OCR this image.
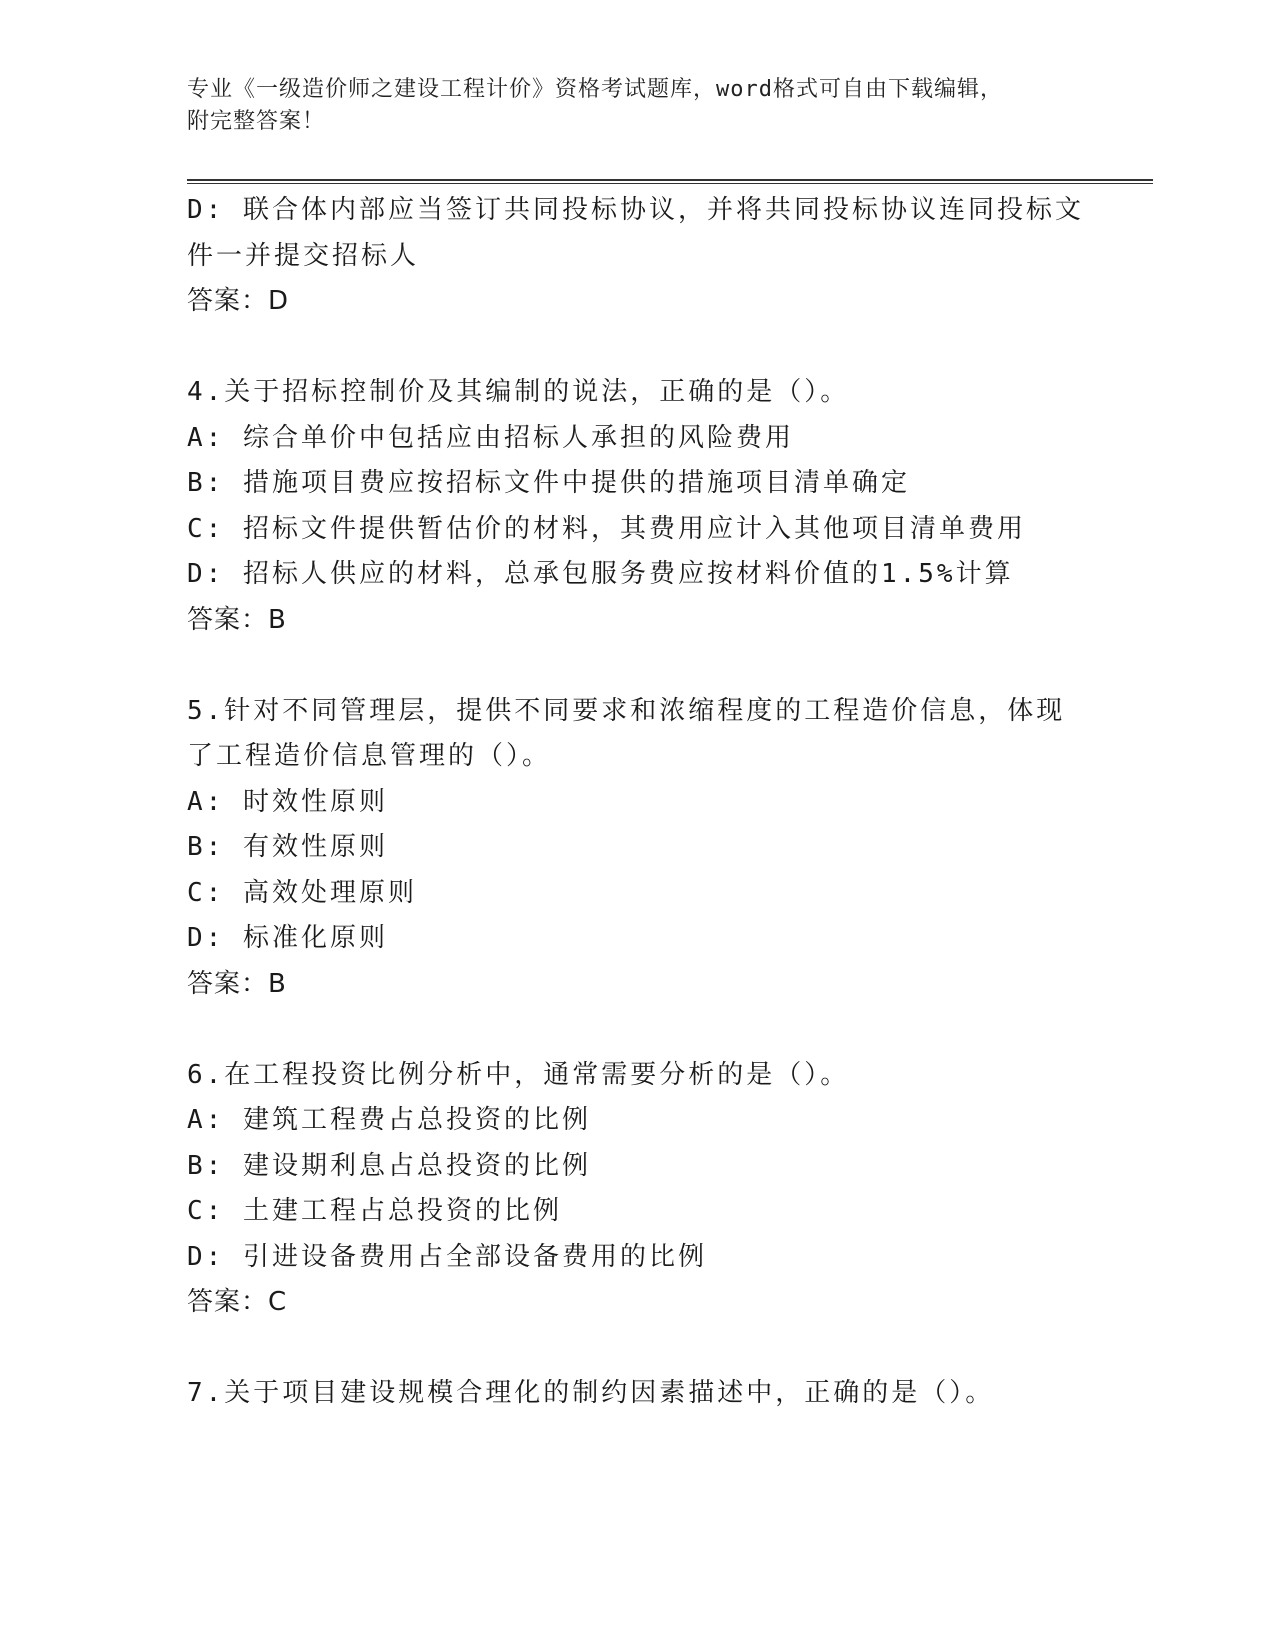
专业《一级造价师之建设工程计价》资格考试题库，word格式可自由下载编辑，
附完整答案！
D: 联合体内部应当签订共同投标协议，并将共同投标协议连同投标文
件一并提交招标人
答案：D
4.关于招标控制价及其编制的说法，正确的是（）。
A: 综合单价中包括应由招标人承担的风险费用
B: 措施项目费应按招标文件中提供的措施项目清单确定
C: 招标文件提供暂估价的材料，其费用应计入其他项目清单费用
D: 招标人供应的材料，总承包服务费应按材料价值的1.5%计算
答案：B
5.针对不同管理层，提供不同要求和浓缩程度的工程造价信息，体现
了工程造价信息管理的（）。
A: 时效性原则
B: 有效性原则
C: 高效处理原则
D: 标准化原则
答案：B
6.在工程投资比例分析中，通常需要分析的是（）。
A: 建筑工程费占总投资的比例
B: 建设期利息占总投资的比例
C: 土建工程占总投资的比例
D: 引进设备费用占全部设备费用的比例
答案：C
7.关于项目建设规模合理化的制约因素描述中，正确的是（）。
